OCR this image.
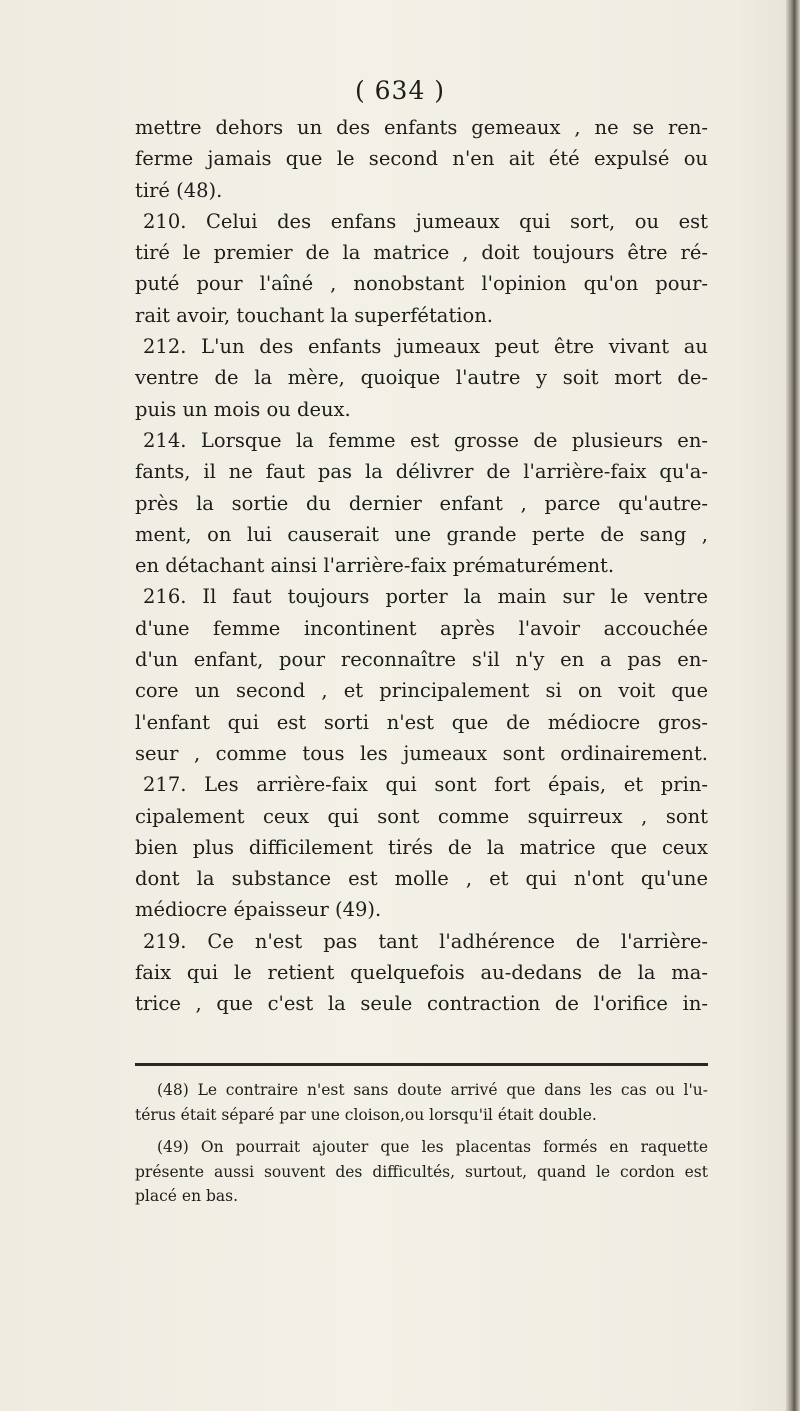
( 634 )
mettre dehors un des enfants gemeaux , ne se ren-
ferme jamais que le second n'en ait été expulsé ou
tiré (48).
210. Celui des enfans jumeaux qui sort, ou est
tiré le premier de la matrice , doit toujours être ré-
puté pour l'aîné , nonobstant l'opinion qu'on pour-
rait avoir, touchant la superfétation.
212. L'un des enfants jumeaux peut être vivant au
ventre de la mère, quoique l'autre y soit mort de-
puis un mois ou deux.
214. Lorsque la femme est grosse de plusieurs en-
fants, il ne faut pas la délivrer de l'arrière-faix qu'a-
près la sortie du dernier enfant , parce qu'autre-
ment, on lui causerait une grande perte de sang ,
en détachant ainsi l'arrière-faix prématurément.
216. Il faut toujours porter la main sur le ventre
d'une femme incontinent après l'avoir accouchée
d'un enfant, pour reconnaître s'il n'y en a pas en-
core un second , et principalement si on voit que
l'enfant qui est sorti n'est que de médiocre gros-
seur , comme tous les jumeaux sont ordinairement.
217. Les arrière-faix qui sont fort épais, et prin-
cipalement ceux qui sont comme squirreux , sont
bien plus difficilement tirés de la matrice que ceux
dont la substance est molle , et qui n'ont qu'une
médiocre épaisseur (49).
219. Ce n'est pas tant l'adhérence de l'arrière-
faix qui le retient quelquefois au-dedans de la ma-
trice , que c'est la seule contraction de l'orifice in-
(48) Le contraire n'est sans doute arrivé que dans les cas ou l'u-
térus était séparé par une cloison,ou lorsqu'il était double.
(49) On pourrait ajouter que les placentas formés en raquette
présente aussi souvent des difficultés, surtout, quand le cordon est
placé en bas.
